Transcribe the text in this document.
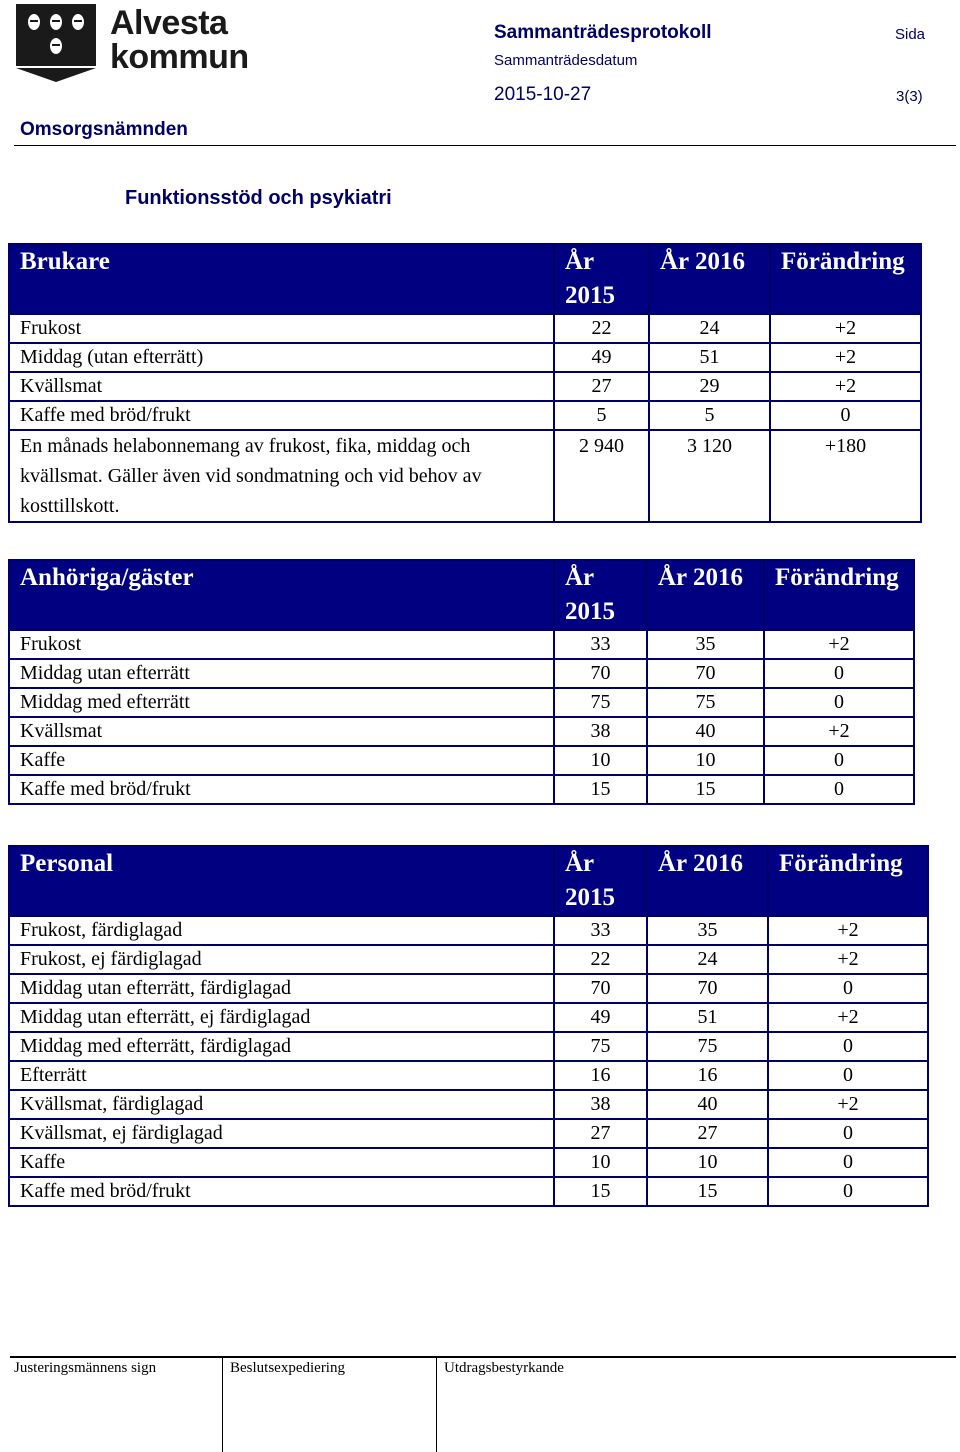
Alvesta
kommun
Sammanträdesprotokoll	Sida
Sammanträdesdatum
2015-10-27	3(3)
Omsorgsnämnden
Funktionsstöd och psykiatri
Brukare	År 2015	År 2016	Förändring
Frukost	22	24	+2
Middag (utan efterrätt)	49	51	+2
Kvällsmat	27	29	+2
Kaffe med bröd/frukt	5	5	0
En månads helabonnemang av frukost, fika, middag och kvällsmat. Gäller även vid sondmatning och vid behov av kosttillskott.	2 940	3 120	+180
Anhöriga/gäster	År 2015	År 2016	Förändring
Frukost	33	35	+2
Middag utan efterrätt	70	70	0
Middag med efterrätt	75	75	0
Kvällsmat	38	40	+2
Kaffe	10	10	0
Kaffe med bröd/frukt	15	15	0
Personal	År 2015	År 2016	Förändring
Frukost, färdiglagad	33	35	+2
Frukost, ej färdiglagad	22	24	+2
Middag utan efterrätt, färdiglagad	70	70	0
Middag utan efterrätt, ej färdiglagad	49	51	+2
Middag med efterrätt, färdiglagad	75	75	0
Efterrätt	16	16	0
Kvällsmat, färdiglagad	38	40	+2
Kvällsmat, ej färdiglagad	27	27	0
Kaffe	10	10	0
Kaffe med bröd/frukt	15	15	0
Justeringsmännens sign	Beslutsexpediering	Utdragsbestyrkande
